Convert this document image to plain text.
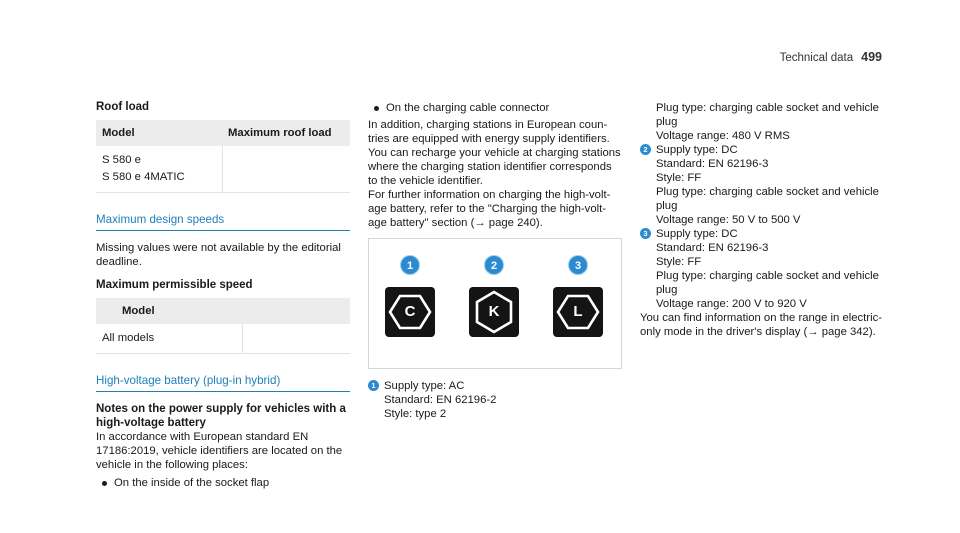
Technical data 499
Roof load
Model	Maximum roof load

S 580 e
S 580 e 4MATIC	

Maximum design speeds
Missing values were not available by the editorial
deadline.
Maximum permissible speed
Model	
All models	
High-voltage battery (plug-in hybrid)
Notes on the power supply for vehicles with a
high-voltage battery
In accordance with European standard EN
17186:2019, vehicle identifiers are located on the
vehicle in the following places:
On the inside of the socket flap
On the charging cable connector
In addition, charging stations in European coun-
tries are equipped with energy supply identifiers.
You can recharge your vehicle at charging stations
where the charging station identifier corresponds
to the vehicle identifier.
For further information on charging the high-volt-
age battery, refer to the "Charging the high-volt-
age battery" section (→ page 240).
1
C
2
K
3
L
1 Supply type: AC
Standard: EN 62196-2
Style: type 2
Plug type: charging cable socket and vehicle
plug
Voltage range: 480 V RMS
2 Supply type: DC
Standard: EN 62196-3
Style: FF
Plug type: charging cable socket and vehicle
plug
Voltage range: 50 V to 500 V
3 Supply type: DC
Standard: EN 62196-3
Style: FF
Plug type: charging cable socket and vehicle
plug
Voltage range: 200 V to 920 V
You can find information on the range in electric-
only mode in the driver's display (→ page 342).
